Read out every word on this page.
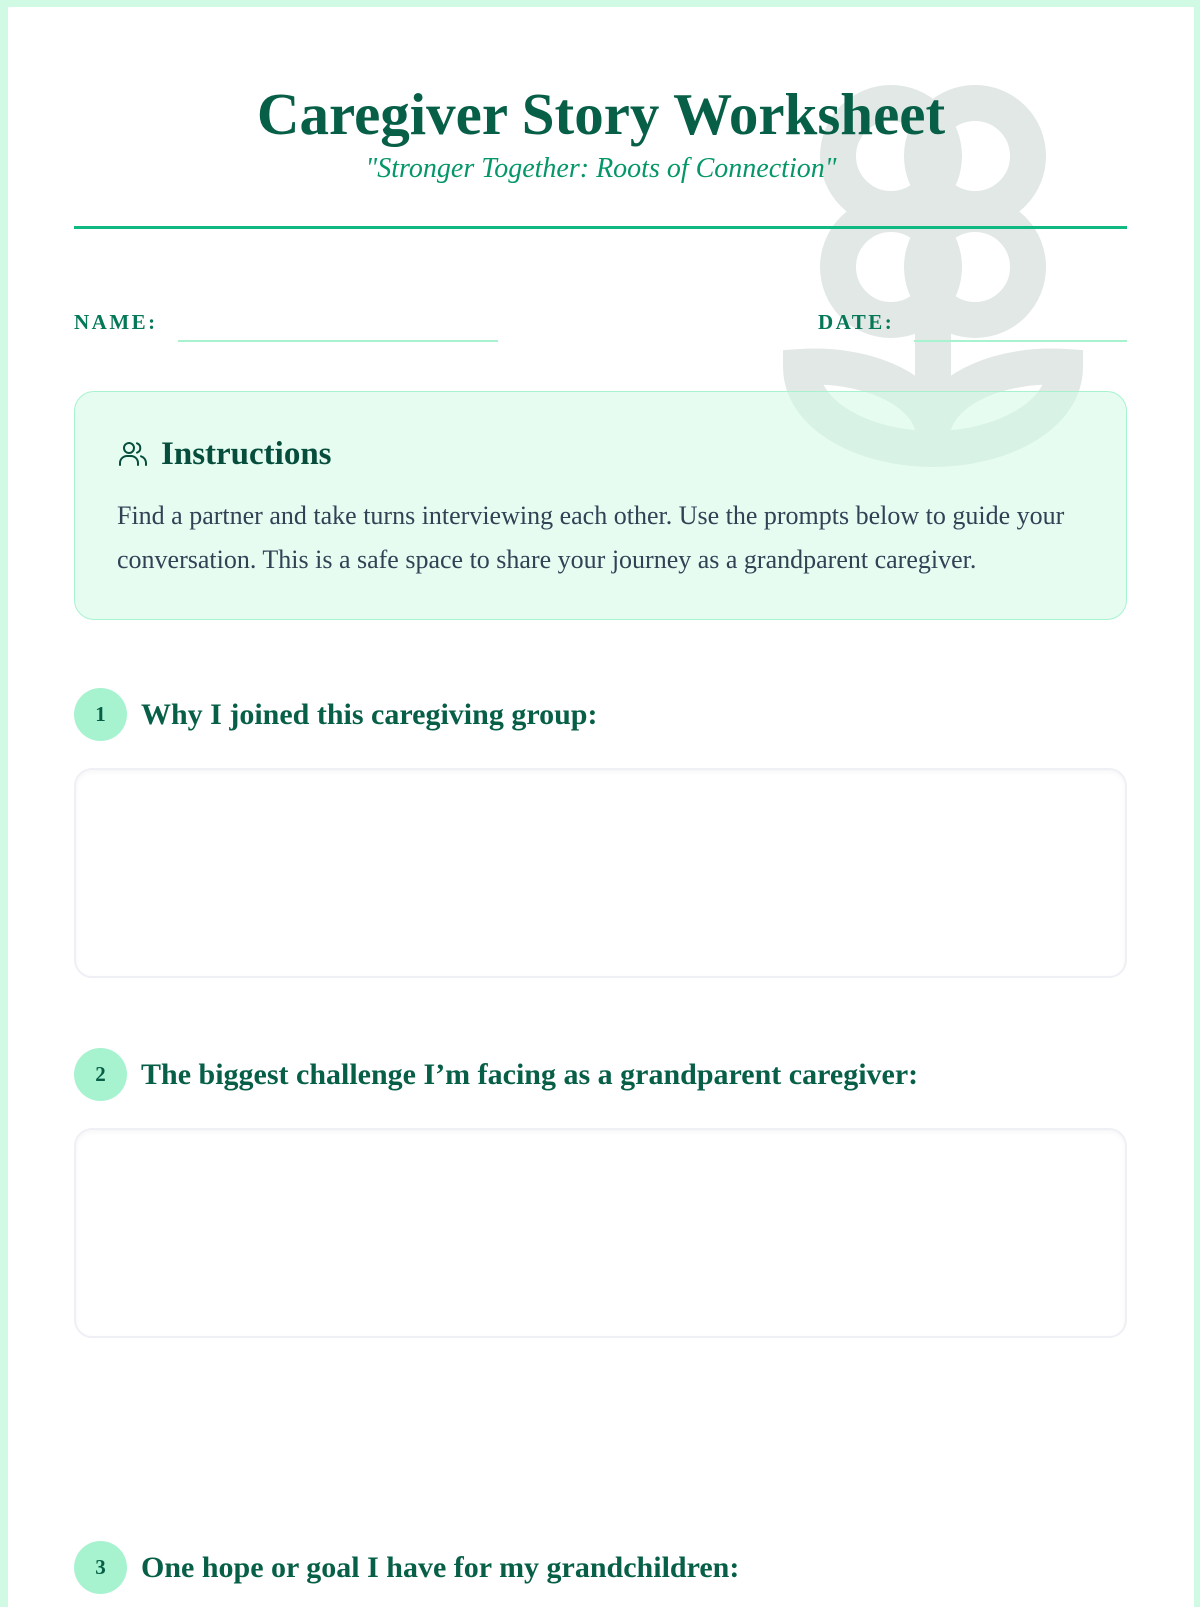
Caregiver Story Worksheet
"Stronger Together: Roots of Connection"
NAME:	DATE:
Instructions
Find a partner and take turns interviewing each other. Use the prompts below to guide your conversation. This is a safe space to share your journey as a grandparent caregiver.
1	Why I joined this caregiving group:
2	The biggest challenge I’m facing as a grandparent caregiver:
3	One hope or goal I have for my grandchildren:
